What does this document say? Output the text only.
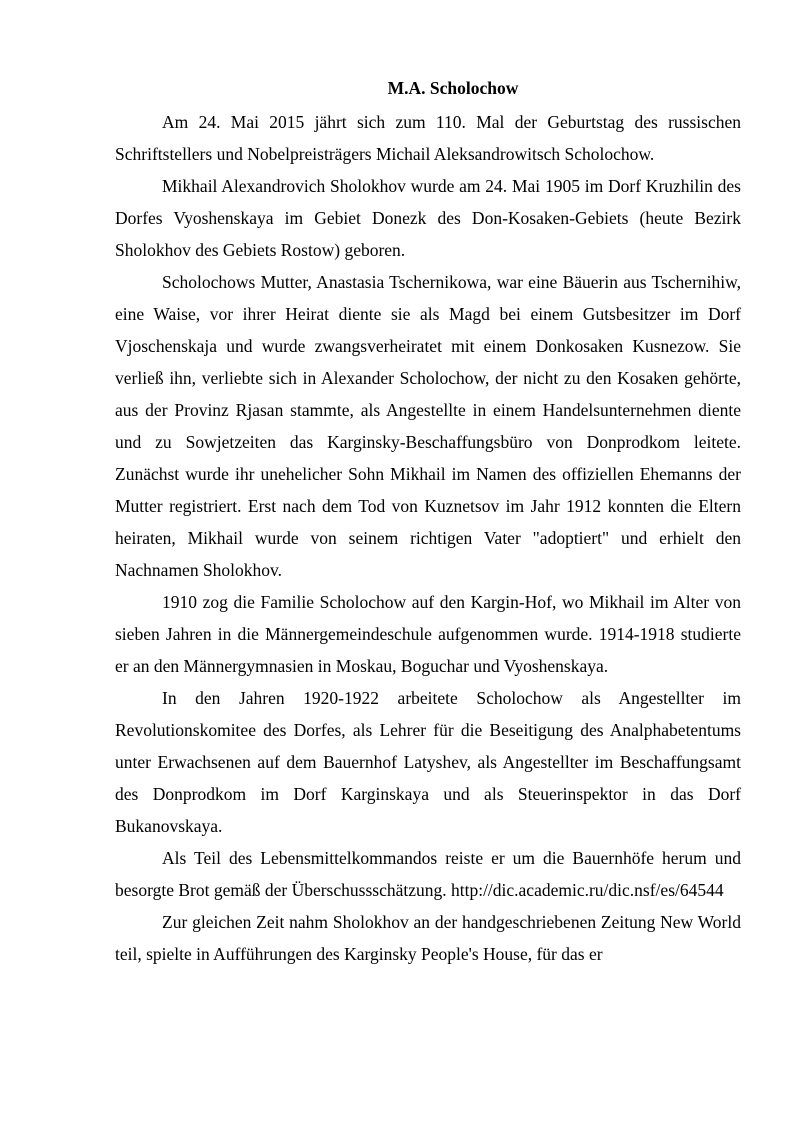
M.A. Scholochow

Am 24. Mai 2015 jährt sich zum 110. Mal der Geburtstag des russischen Schriftstellers und Nobelpreisträgers Michail Aleksandrowitsch Scholochow.

Mikhail Alexandrovich Sholokhov wurde am 24. Mai 1905 im Dorf Kruzhilin des Dorfes Vyoshenskaya im Gebiet Donezk des Don-Kosaken-Gebiets (heute Bezirk Sholokhov des Gebiets Rostow) geboren.

Scholochows Mutter, Anastasia Tschernikowa, war eine Bäuerin aus Tschernihiw, eine Waise, vor ihrer Heirat diente sie als Magd bei einem Gutsbesitzer im Dorf Vjoschenskaja und wurde zwangsverheiratet mit einem Donkosaken Kusnezow. Sie verließ ihn, verliebte sich in Alexander Scholochow, der nicht zu den Kosaken gehörte, aus der Provinz Rjasan stammte, als Angestellte in einem Handelsunternehmen diente und zu Sowjetzeiten das Karginsky-Beschaffungsbüro von Donprodkom leitete. Zunächst wurde ihr unehelicher Sohn Mikhail im Namen des offiziellen Ehemanns der Mutter registriert. Erst nach dem Tod von Kuznetsov im Jahr 1912 konnten die Eltern heiraten, Mikhail wurde von seinem richtigen Vater "adoptiert" und erhielt den Nachnamen Sholokhov.

1910 zog die Familie Scholochow auf den Kargin-Hof, wo Mikhail im Alter von sieben Jahren in die Männergemeindeschule aufgenommen wurde. 1914-1918 studierte er an den Männergymnasien in Moskau, Boguchar und Vyoshenskaya.

In den Jahren 1920-1922 arbeitete Scholochow als Angestellter im Revolutionskomitee des Dorfes, als Lehrer für die Beseitigung des Analphabetentums unter Erwachsenen auf dem Bauernhof Latyshev, als Angestellter im Beschaffungsamt des Donprodkom im Dorf Karginskaya und als Steuerinspektor in das Dorf Bukanovskaya.

Als Teil des Lebensmittelkommandos reiste er um die Bauernhöfe herum und besorgte Brot gemäß der Überschussschätzung. http://dic.academic.ru/dic.nsf/es/64544

Zur gleichen Zeit nahm Sholokhov an der handgeschriebenen Zeitung New World teil, spielte in Aufführungen des Karginsky People's House, für das er
